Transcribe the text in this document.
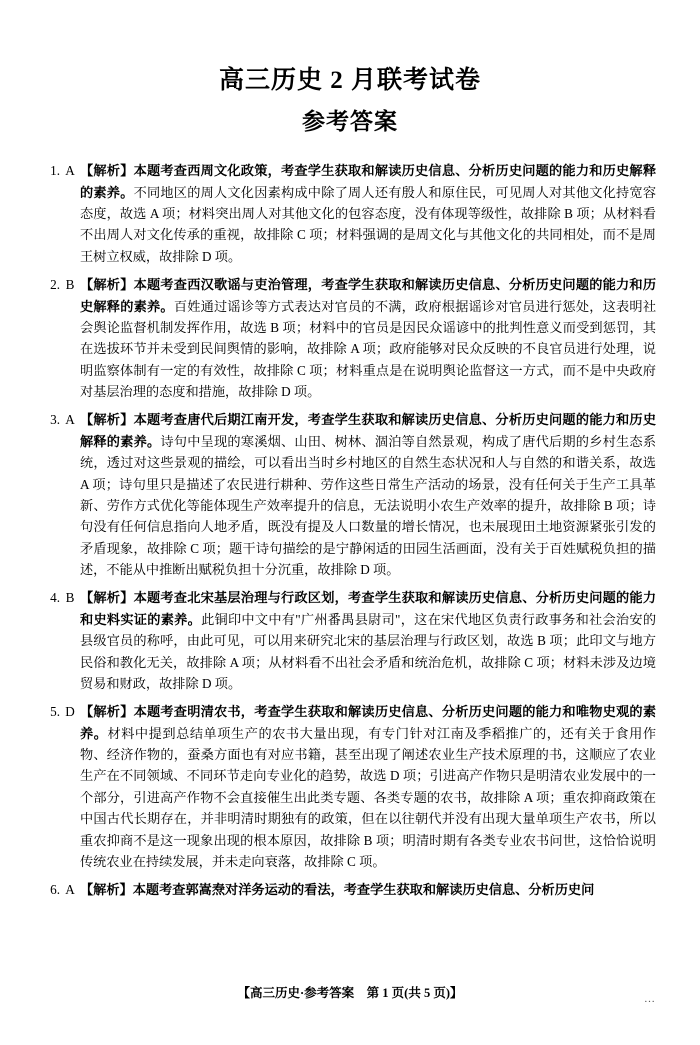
高三历史 2 月联考试卷
参考答案
1. A 【解析】本题考查西周文化政策，考查学生获取和解读历史信息、分析历史问题的能力和历史解释的素养。不同地区的周人文化因素构成中除了周人还有殷人和原住民，可见周人对其他文化持宽容态度，故选 A 项；材料突出周人对其他文化的包容态度，没有体现等级性，故排除 B 项；从材料看不出周人对文化传承的重视，故排除 C 项；材料强调的是周文化与其他文化的共同相处，而不是周王树立权威，故排除 D 项。
2. B 【解析】本题考查西汉歌谣与吏治管理，考查学生获取和解读历史信息、分析历史问题的能力和历史解释的素养。百姓通过谣诊等方式表达对官员的不满，政府根据谣诊对官员进行惩处，这表明社会舆论监督机制发挥作用，故选 B 项；材料中的官员是因民众谣谚中的批判性意义而受到惩罚，其在选拔环节并未受到民间舆情的影响，故排除 A 项；政府能够对民众反映的不良官员进行处理，说明监察体制有一定的有效性，故排除 C 项；材料重点是在说明舆论监督这一方式，而不是中央政府对基层治理的态度和措施，故排除 D 项。
3. A 【解析】本题考查唐代后期江南开发，考查学生获取和解读历史信息、分析历史问题的能力和历史解释的素养。诗句中呈现的寒溪烟、山田、树林、涸泊等自然景观，构成了唐代后期的乡村生态系统，透过对这些景观的描绘，可以看出当时乡村地区的自然生态状况和人与自然的和谐关系，故选 A 项；诗句里只是描述了农民进行耕种、劳作这些日常生产活动的场景，没有任何关于生产工具革新、劳作方式优化等能体现生产效率提升的信息，无法说明小农生产效率的提升，故排除 B 项；诗句没有任何信息指向人地矛盾，既没有提及人口数量的增长情况，也未展现田土地资源紧张引发的矛盾现象，故排除 C 项；题干诗句描绘的是宁静闲适的田园生活画面，没有关于百姓赋税负担的描述，不能从中推断出赋税负担十分沉重，故排除 D 项。
4. B 【解析】本题考查北宋基层治理与行政区划，考查学生获取和解读历史信息、分析历史问题的能力和史料实证的素养。此铜印中文中有"广州番禺县尉司"，这在宋代地区负责行政事务和社会治安的县级官员的称呼，由此可见，可以用来研究北宋的基层治理与行政区划，故选 B 项；此印文与地方民俗和教化无关，故排除 A 项；从材料看不出社会矛盾和统治危机，故排除 C 项；材料未涉及边境贸易和财政，故排除 D 项。
5. D 【解析】本题考查明清农书，考查学生获取和解读历史信息、分析历史问题的能力和唯物史观的素养。材料中提到总结单项生产的农书大量出现，有专门针对江南及季稻推广的，还有关于食用作物、经济作物的，蚕桑方面也有对应书籍，甚至出现了阐述农业生产技术原理的书，这顺应了农业生产在不同领域、不同环节走向专业化的趋势，故选 D 项；引进高产作物只是明清农业发展中的一个部分，引进高产作物不会直接催生出此类专题、各类专题的农书，故排除 A 项；重农抑商政策在中国古代长期存在，并非明清时期独有的政策，但在以往朝代并没有出现大量单项生产农书，所以重农抑商不是这一现象出现的根本原因，故排除 B 项；明清时期有各类专业农书问世，这恰恰说明传统农业在持续发展，并未走向衰落，故排除 C 项。
6. A 【解析】本题考查郭嵩焘对洋务运动的看法，考查学生获取和解读历史信息、分析历史问
【高三历史·参考答案　第 1 页(共 5 页)】	…
